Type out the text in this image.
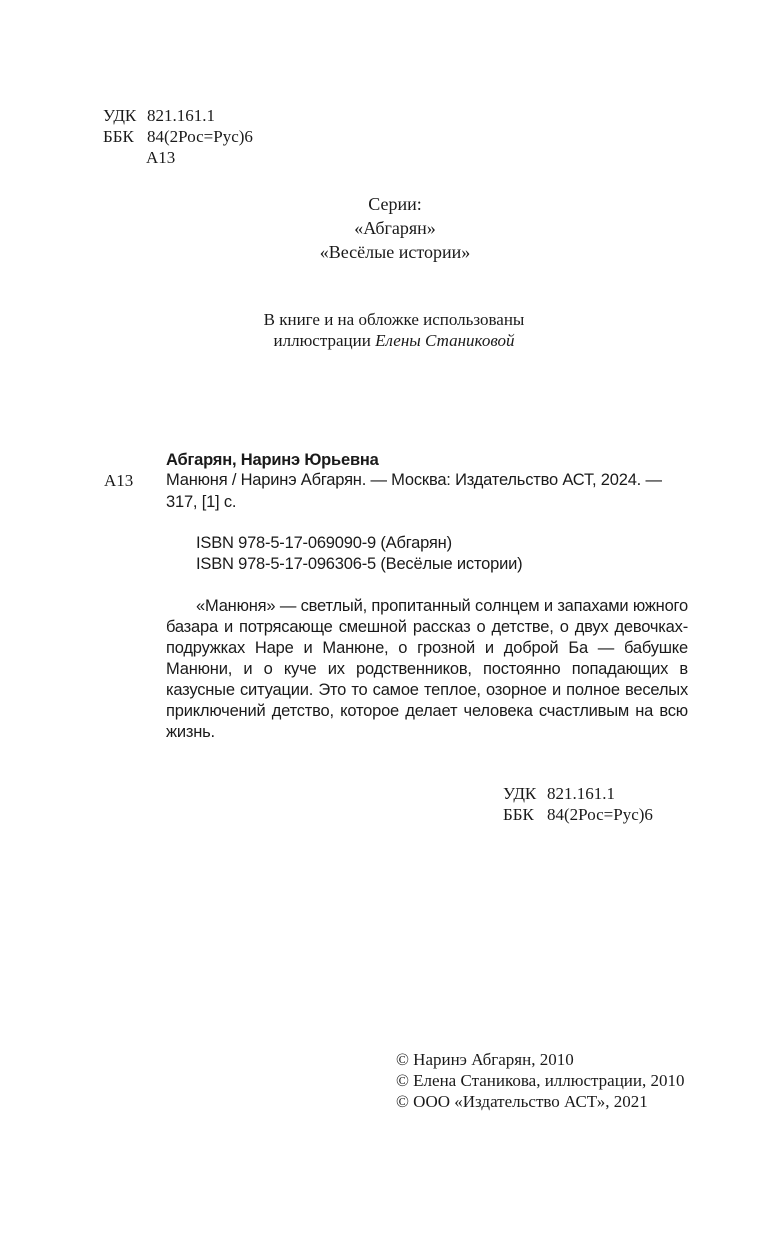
УДК 821.161.1
ББК 84(2Рос=Рус)6
А13
Серии:
«Абгарян»
«Весёлые истории»
В книге и на обложке использованы
иллюстрации Елены Станиковой
Абгарян, Наринэ Юрьевна
А13 Манюня / Наринэ Абгарян. — Москва: Издательство АСТ, 2024. —
317, [1] с.
ISBN 978-5-17-069090-9 (Абгарян)
ISBN 978-5-17-096306-5 (Весёлые истории)

«Манюня» — светлый, пропитанный солнцем и запахами южного базара и потрясающе смешной рассказ о детстве, о двух девочках-подружках Наре и Манюне, о грозной и доброй Ба — бабушке Манюни, и о куче их родственников, постоянно попадающих в казусные ситуации. Это то самое теплое, озорное и полное веселых приключений детство, которое делает человека счастливым на всю жизнь.

УДК 821.161.1
ББК 84(2Рос=Рус)6
© Наринэ Абгарян, 2010
© Елена Станикова, иллюстрации, 2010
© ООО «Издательство АСТ», 2021
